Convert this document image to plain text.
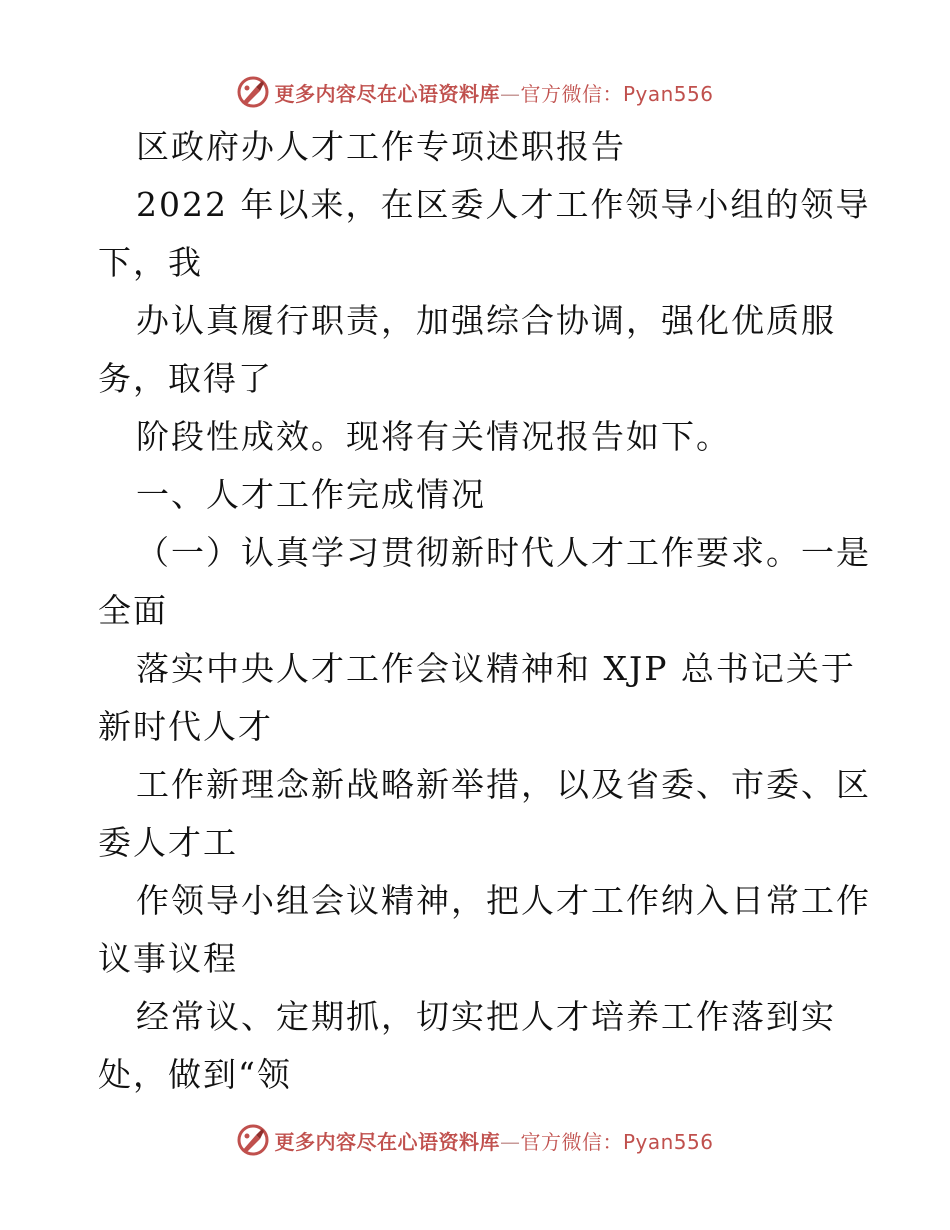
更多内容尽在心语资料库—官方微信：Pyan556
区政府办人才工作专项述职报告
2022 年以来，在区委人才工作领导小组的领导
下，我
办认真履行职责，加强综合协调，强化优质服
务，取得了
阶段性成效。现将有关情况报告如下。
一、人才工作完成情况
（一）认真学习贯彻新时代人才工作要求。一是
全面
落实中央人才工作会议精神和 XJP 总书记关于
新时代人才
工作新理念新战略新举措，以及省委、市委、区
委人才工
作领导小组会议精神，把人才工作纳入日常工作
议事议程
经常议、定期抓，切实把人才培养工作落到实
处，做到“领
更多内容尽在心语资料库—官方微信：Pyan556
